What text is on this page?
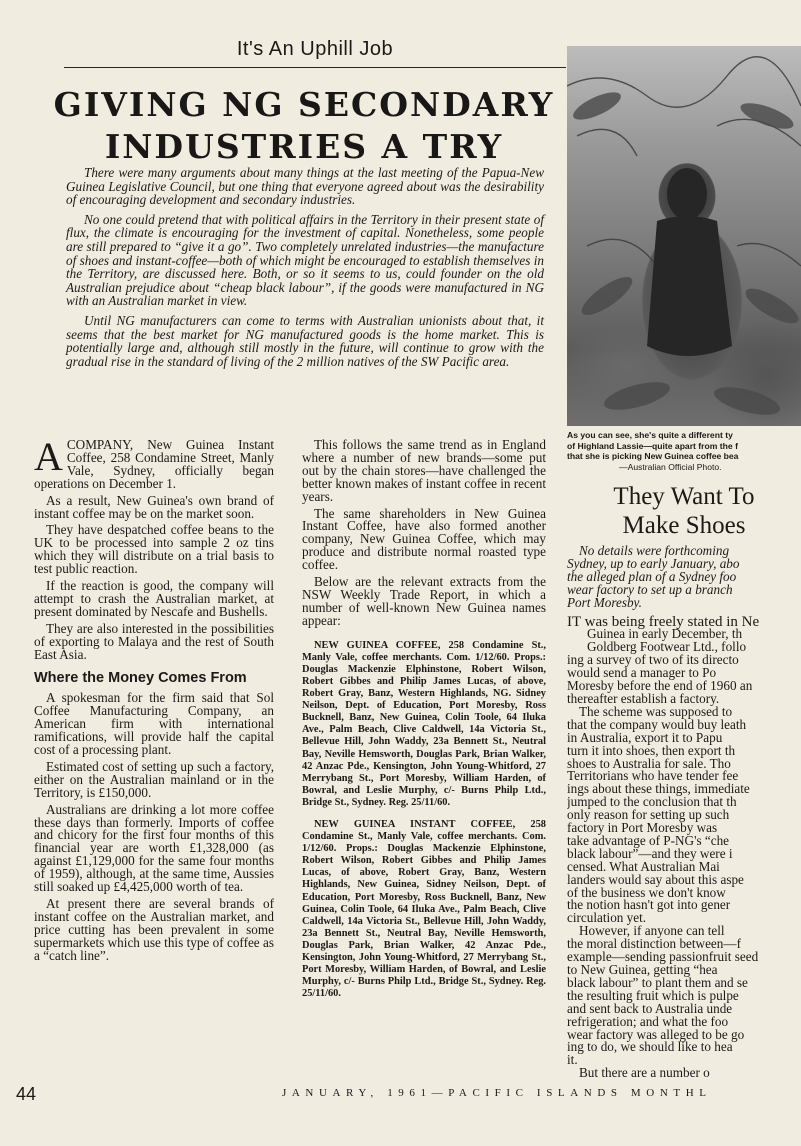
It's An Uphill Job
GIVING NG SECONDARY INDUSTRIES A TRY

There were many arguments about many things at the last meeting of the Papua-New Guinea Legislative Council, but one thing that everyone agreed about was the desirability of encouraging development and secondary industries.

No one could pretend that with political affairs in the Territory in their present state of flux, the climate is encouraging for the investment of capital. Nonetheless, some people are still prepared to “give it a go”. Two completely unrelated industries—the manufacture of shoes and instant-coffee—both of which might be encouraged to establish themselves in the Territory, are discussed here. Both, or so it seems to us, could founder on the old Australian prejudice about “cheap black labour”, if the goods were manufactured in NG with an Australian market in view.

Until NG manufacturers can come to terms with Australian unionists about that, it seems that the best market for NG manufactured goods is the home market. This is potentially large and, although still mostly in the future, will continue to grow with the gradual rise in the standard of living of the 2 million natives of the SW Pacific area.

As you can see, she's quite a different ty
of Highland Lassie—quite apart from the f
that she is picking New Guinea coffee bea
—Australian Official Photo.

A COMPANY, New Guinea Instant Coffee, 258 Condamine Street, Manly Vale, Sydney, officially began operations on December 1.

As a result, New Guinea's own brand of instant coffee may be on the market soon.

They have despatched coffee beans to the UK to be processed into sample 2 oz tins which they will distribute on a trial basis to test public reaction.

If the reaction is good, the company will attempt to crash the Australian market, at present dominated by Nescafe and Bushells.

They are also interested in the possibilities of exporting to Malaya and the rest of South East Asia.

Where the Money Comes From

A spokesman for the firm said that Sol Coffee Manufacturing Company, an American firm with international ramifications, will provide half the capital cost of a processing plant.

Estimated cost of setting up such a factory, either on the Australian mainland or in the Territory, is £150,000.

Australians are drinking a lot more coffee these days than formerly. Imports of coffee and chicory for the first four months of this financial year are worth £1,328,000 (as against £1,129,000 for the same four months of 1959), although, at the same time, Aussies still soaked up £4,425,000 worth of tea.

At present there are several brands of instant coffee on the Australian market, and price cutting has been prevalent in some supermarkets which use this type of coffee as a “catch line”.

This follows the same trend as in England where a number of new brands—some put out by the chain stores—have challenged the better known makes of instant coffee in recent years.

The same shareholders in New Guinea Instant Coffee, have also formed another company, New Guinea Coffee, which may produce and distribute normal roasted type coffee.

Below are the relevant extracts from the NSW Weekly Trade Report, in which a number of well-known New Guinea names appear:

NEW GUINEA COFFEE, 258 Condamine St., Manly Vale, coffee merchants. Com. 1/12/60. Props.: Douglas Mackenzie Elphinstone, Robert Wilson, Robert Gibbes and Philip James Lucas, of above, Robert Gray, Banz, Western Highlands, NG. Sidney Neilson, Dept. of Education, Port Moresby, Ross Bucknell, Banz, New Guinea, Colin Toole, 64 Iluka Ave., Palm Beach, Clive Caldwell, 14a Victoria St., Bellevue Hill, John Waddy, 23a Bennett St., Neutral Bay, Neville Hemsworth, Douglas Park, Brian Walker, 42 Anzac Pde., Kensington, John Young-Whitford, 27 Merrybang St., Port Moresby, William Harden, of Bowral, and Leslie Murphy, c/- Burns Philp Ltd., Bridge St., Sydney. Reg. 25/11/60.

NEW GUINEA INSTANT COFFEE, 258 Condamine St., Manly Vale, coffee merchants. Com. 1/12/60. Props.: Douglas Mackenzie Elphinstone, Robert Wilson, Robert Gibbes and Philip James Lucas, of above, Robert Gray, Banz, Western Highlands, New Guinea, Sidney Neilson, Dept. of Education, Port Moresby, Ross Bucknell, Banz, New Guinea, Colin Toole, 64 Iluka Ave., Palm Beach, Clive Caldwell, 14a Victoria St., Bellevue Hill, John Waddy, 23a Bennett St., Neutral Bay, Neville Hemsworth, Douglas Park, Brian Walker, 42 Anzac Pde., Kensington, John Young-Whitford, 27 Merrybang St., Port Moresby, William Harden, of Bowral, and Leslie Murphy, c/- Burns Philp Ltd., Bridge St., Sydney. Reg. 25/11/60.

They Want To
Make Shoes

No details were forthcoming

Sydney, up to early January, abo

the alleged plan of a Sydney foo

wear factory to set up a branch

Port Moresby.

IT was being freely stated in Ne

Guinea in early December, th

Goldberg Footwear Ltd., follo

ing a survey of two of its directo

would send a manager to Po

Moresby before the end of 1960 an

thereafter establish a factory.

The scheme was supposed to

that the company would buy leath

in Australia, export it to Papu

turn it into shoes, then export th

shoes to Australia for sale. Tho

Territorians who have tender fee

ings about these things, immediate

jumped to the conclusion that th

only reason for setting up such

factory in Port Moresby was

take advantage of P-NG's “che

black labour”—and they were i

censed. What Australian Mai

landers would say about this aspe

of the business we don't know

the notion hasn't got into gener

circulation yet.

However, if anyone can tell

the moral distinction between—f

example—sending passionfruit seed

to New Guinea, getting “hea

black labour” to plant them and se

the resulting fruit which is pulpe

and sent back to Australia unde

refrigeration; and what the foo

wear factory was alleged to be go

ing to do, we should like to hea

it.

But there are a number o

44	JANUARY, 1961—PACIFIC ISLANDS MONTHL
